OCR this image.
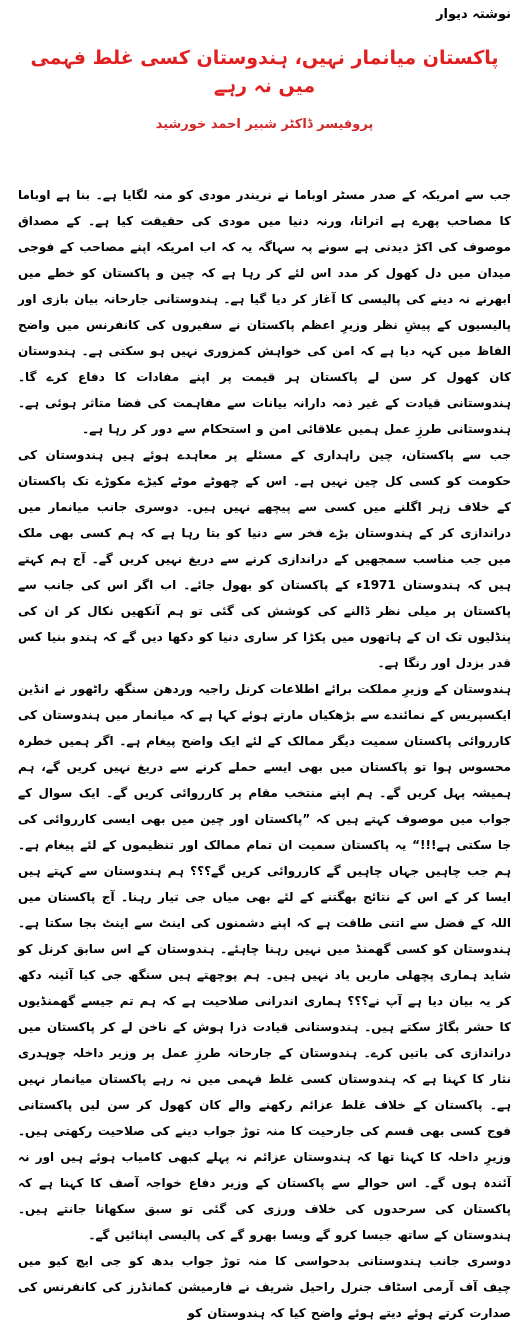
نوشتہ دیوار
پاکستان میانمار نہیں، ہندوستان کسی غلط فہمی میں نہ رہے
پروفیسر ڈاکٹر شبیر احمد خورشید

جب سے امریکہ کے صدر مسٹر اوباما نے نریندر مودی کو منہ لگایا ہے۔ بنا ہے اوباما کا مصاحب پھرے ہے اتراتا، ورنہ دنیا میں مودی کی حقیقت کیا ہے۔ کے مصداق موصوف کی اکڑ دیدنی ہے سونے پہ سہاگہ یہ کہ اب امریکہ اپنے مصاحب کے فوجی میدان میں دل کھول کر مدد اس لئے کر رہا ہے کہ چین و پاکستان کو خطے میں ابھرنے نہ دینے کی پالیسی کا آغاز کر دیا گیا ہے۔ ہندوستانی جارحانہ بیان بازی اور پالیسیوں کے پیشِ نظر وزیرِ اعظم پاکستان نے سفیروں کی کانفرنس میں واضح الفاظ میں کہہ دیا ہے کہ امن کی خواہش کمزوری نہیں ہو سکتی ہے۔ ہندوستان کان کھول کر سن لے پاکستان ہر قیمت پر اپنے مفادات کا دفاع کرے گا۔ ہندوستانی قیادت کے غیر ذمہ دارانہ بیانات سے مفاہمت کی فضا متاثر ہوئی ہے۔ ہندوستانی طرزِ عمل ہمیں علاقائی امن و استحکام سے دور کر رہا ہے۔

جب سے پاکستان، چین راہداری کے مسئلے پر معاہدے ہوئے ہیں ہندوستان کی حکومت کو کسی کل چین نہیں ہے۔ اس کے چھوٹے موٹے کیڑے مکوڑے تک پاکستان کے خلاف زہر اگلنے میں کسی سے پیچھے نہیں ہیں۔ دوسری جانب میانمار میں دراندازی کر کے ہندوستان بڑے فخر سے دنیا کو بتا رہا ہے کہ ہم کسی بھی ملک میں جب مناسب سمجھیں کے دراندازی کرنے سے دریغ نہیں کریں گے۔ آج ہم کہتے ہیں کہ ہندوستان 1971ء کے پاکستان کو بھول جائے۔ اب اگر اس کی جانب سے پاکستان پر میلی نظر ڈالنے کی کوشش کی گئی تو ہم آنکھیں نکال کر ان کی پنڈلیوں تک ان کے ہاتھوں میں پکڑا کر ساری دنیا کو دکھا دیں گے کہ ہندو بنیا کس قدر بزدل اور رنگا ہے۔

ہندوستان کے وزیرِ مملکت برائے اطلاعات کرنل راجیہ وردھن سنگھ راٹھور نے انڈین ایکسپریس کے نمائندے سے بڑھکیاں مارتے ہوئے کہا ہے کہ میانمار میں ہندوستان کی کارروائی پاکستان سمیت دیگر ممالک کے لئے ایک واضح پیغام ہے۔ اگر ہمیں خطرہ محسوس ہوا تو پاکستان میں بھی ایسے حملے کرنے سے دریغ نہیں کریں گے، ہم ہمیشہ پہل کریں گے۔ ہم اپنے منتخب مقام پر کارروائی کریں گے۔ ایک سوال کے جواب میں موصوف کہتے ہیں کہ ”پاکستان اور چین میں بھی ایسی کارروائی کی جا سکتی ہے!!!“ یہ پاکستان سمیت ان تمام ممالک اور تنظیموں کے لئے پیغام ہے۔ ہم جب چاہیں جہاں چاہیں گے کارروائی کریں گے؟؟؟ ہم ہندوستان سے کہتے ہیں ایسا کر کے اس کے نتائج بھگتنے کے لئے بھی میاں جی تیار رہنا۔ آج پاکستان میں اللہ کے فضل سے اتنی طاقت ہے کہ اپنے دشمنوں کی اینٹ سے اینٹ بجا سکتا ہے۔ ہندوستان کو کسی گھمنڈ میں نہیں رہنا چاہئے۔ ہندوستان کے اس سابق کرنل کو شاید ہماری پچھلی ماریں یاد نہیں ہیں۔ ہم پوچھتے ہیں سنگھ جی کیا آئینہ دکھ کر یہ بیان دیا ہے آپ نے؟؟؟ ہماری اندرانی صلاحیت ہے کہ ہم تم جیسے گھمنڈیوں کا حشر بگاڑ سکتے ہیں۔ ہندوستانی قیادت ذرا ہوش کے ناخن لے کر پاکستان میں دراندازی کی باتیں کرے۔ ہندوستان کے جارحانہ طرزِ عمل پر وزیر داخلہ چوہدری نثار کا کہنا ہے کہ ہندوستان کسی غلط فہمی میں نہ رہے پاکستان میانمار نہیں ہے۔ پاکستان کے خلاف غلط عزائم رکھنے والے کان کھول کر سن لیں پاکستانی فوج کسی بھی قسم کی جارحیت کا منہ توڑ جواب دینے کی صلاحیت رکھتی ہیں۔ وزیرِ داخلہ کا کہنا تھا کہ ہندوستان عزائم نہ پہلے کبھی کامیاب ہوئے ہیں اور نہ آئندہ ہوں گے۔ اس حوالے سے پاکستان کے وزیر دفاع خواجہ آصف کا کہنا ہے کہ پاکستان کی سرحدوں کی خلاف ورزی کی گئی تو سبق سکھانا جانتے ہیں۔ ہندوستان کے ساتھ جیسا کرو گے ویسا بھرو گے کی پالیسی اپنائیں گے۔

دوسری جانب ہندوستانی بدحواسی کا منہ توڑ جواب بدھ کو جی ایچ کیو میں چیف آف آرمی اسٹاف جنرل راحیل شریف نے فارمیشن کمانڈرز کی کانفرنس کی صدارت کرتے ہوئے دیتے ہوئے واضح کیا کہ ہندوستان کو
